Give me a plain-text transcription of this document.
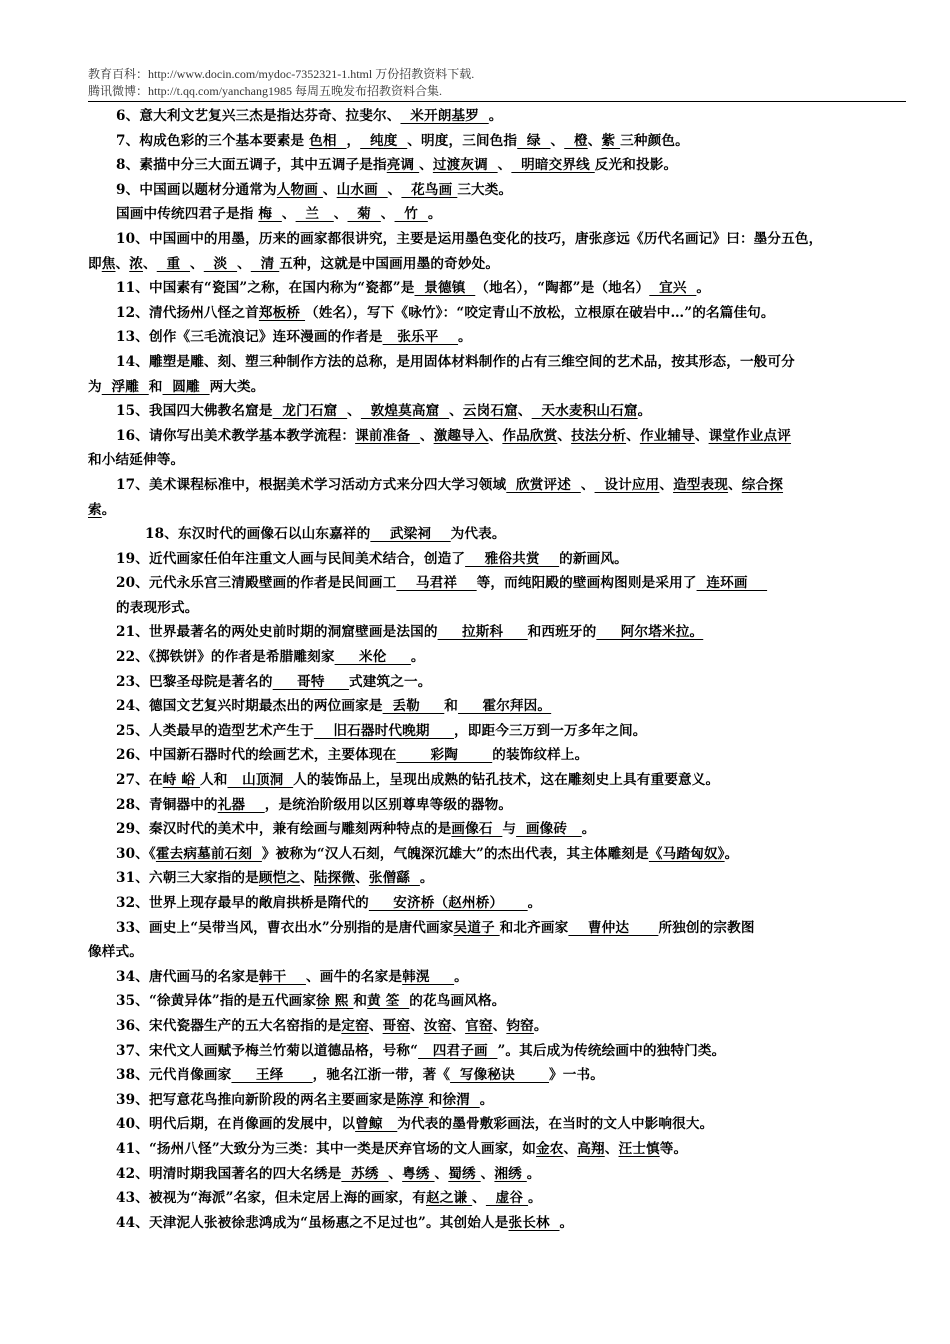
教育百科：http://www.docin.com/mydoc-7352321-1.html 万份招教资料下载.
腾讯微博：http://t.qq.com/yanchang1985 每周五晚发布招教资料合集.
6、意大利文艺复兴三杰是指达芬奇、拉斐尔、  米开朗基罗  。
7、构成色彩的三个基本要素是 色相  ，  纯度  、明度，三间色指  绿  、  橙、紫 三种颜色。
8、素描中分三大面五调子，其中五调子是指亮调 、过渡灰调  、  明暗交界线 反光和投影。
9、中国画以题材分通常为人物画 、山水画  、  花鸟画 三大类。
国画中传统四君子是指 梅  、  兰   、  菊  、  竹  。
10、中国画中的用墨，历来的画家都很讲究，主要是运用墨色变化的技巧，唐张彦远《历代名画记》曰：墨分五色，
即焦、浓、  重  、  淡  、  清 五种，这就是中国画用墨的奇妙处。
11、中国素有“瓷国”之称，在国内称为“瓷都”是  景德镇  （地名），“陶都”是（地名）  宜兴  。
12、清代扬州八怪之首郑板桥 （姓名），写下《咏竹》：“咬定青山不放松，立根原在破岩中…”的名篇佳句。
13、创作《三毛流浪记》连环漫画的作者是   张乐平    。
14、雕塑是雕、刻、塑三种制作方法的总称，是用固体材料制作的占有三维空间的艺术品，按其形态，一般可分
为  浮雕  和  圆雕  两大类。
15、我国四大佛教名窟是  龙门石窟  、  敦煌莫高窟  、云岗石窟、  天水麦积山石窟。
16、请你写出美术教学基本教学流程：课前准备  、激趣导入、作品欣赏、技法分析、作业辅导、课堂作业点评
和小结延伸等。
17、美术课程标准中，根据美术学习活动方式来分四大学习领域  欣赏评述  、  设计应用、造型表现、综合探
索。
18、东汉时代的画像石以山东嘉祥的    武梁祠    为代表。
19、近代画家任伯年注重文人画与民间美术结合，创造了    雅俗共赏    的新画风。
20、元代永乐宫三清殿壁画的作者是民间画工    马君祥    等，而纯阳殿的壁画构图则是采用了  连环画
的表现形式。
21、世界最著名的两处史前时期的洞窟壁画是法国的     拉斯科     和西班牙的     阿尔塔米拉。
22、《掷铁饼》的作者是希腊雕刻家     米伦     。
23、巴黎圣母院是著名的     哥特     式建筑之一。
24、德国文艺复兴时期最杰出的两位画家是  丢勒     和     霍尔拜因。
25、人类最早的造型艺术产生于    旧石器时代晚期     ，即距今三万到一万多年之间。
26、中国新石器时代的绘画艺术，主要体现在       彩陶       的装饰纹样上。
27、在峙 峪 人和   山顶洞  人的装饰品上，呈现出成熟的钻孔技术，这在雕刻史上具有重要意义。
28、青铜器中的礼器    ，是统治阶级用以区别尊卑等级的器物。
29、秦汉时代的美术中，兼有绘画与雕刻两种特点的是画像石  与  画像砖   。
30、《霍去病墓前石刻  》被称为“汉人石刻，气魄深沉雄大”的杰出代表，其主体雕刻是《马踏匈奴》。
31、六朝三大家指的是顾恺之、陆探微、张僧繇  。
32、世界上现存最早的敞肩拱桥是隋代的     安济桥（赵州桥）     。
33、画史上“吴带当风，曹衣出水”分别指的是唐代画家吴道子 和北齐画家    曹仲达      所独创的宗教图
像样式。
34、唐代画马的名家是韩干    、画牛的名家是韩滉     。
35、“徐黄异体”指的是五代画家徐 熙 和黄 筌  的花鸟画风格。
36、宋代瓷器生产的五大名窑指的是定窑、哥窑、汝窑、官窑、钧窑。
37、宋代文人画赋予梅兰竹菊以道德品格，号称“   四君子画  ”。其后成为传统绘画中的独特门类。
38、元代肖像画家     王绎      ，驰名江浙一带，著《  写像秘诀       》一书。
39、把写意花鸟推向新阶段的两名主要画家是陈淳 和徐渭  。
40、明代后期，在肖像画的发展中，以曾鲸   为代表的墨骨敷彩画法，在当时的文人中影响很大。
41、“扬州八怪”大致分为三类：其中一类是厌弃官场的文人画家，如金农、高翔、汪士慎等。
42、明清时期我国著名的四大名绣是  苏绣  、粤绣 、蜀绣 、湘绣 。
43、被视为“海派”名家，但未定居上海的画家，有赵之谦 、  虚谷 。
44、天津泥人张被徐悲鸿成为“虽杨惠之不足过也”。其创始人是张长林  。
